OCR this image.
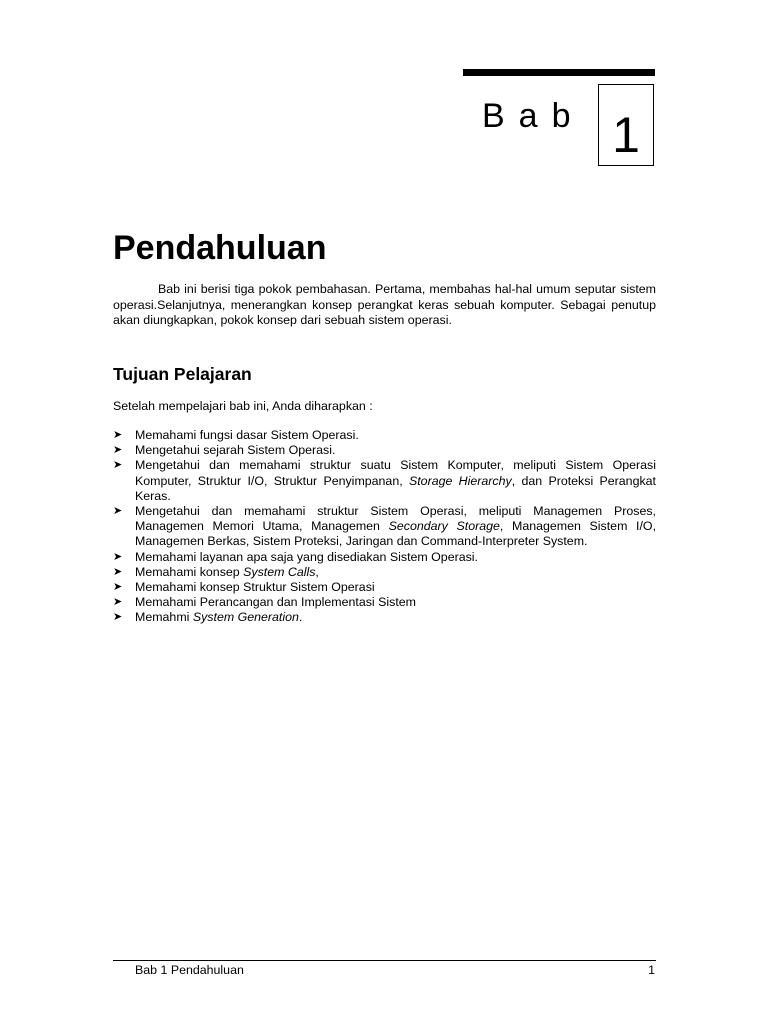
Bab 1
Pendahuluan

Bab ini berisi tiga pokok pembahasan. Pertama, membahas hal-hal umum seputar sistem operasi.Selanjutnya, menerangkan konsep perangkat keras sebuah komputer. Sebagai penutup akan diungkapkan, pokok konsep dari sebuah sistem operasi.

Tujuan Pelajaran

Setelah mempelajari bab ini, Anda diharapkan :

➤ Memahami fungsi dasar Sistem Operasi.
➤ Mengetahui sejarah Sistem Operasi.
➤ Mengetahui dan memahami struktur suatu Sistem Komputer, meliputi Sistem Operasi Komputer, Struktur I/O, Struktur Penyimpanan, Storage Hierarchy, dan Proteksi Perangkat Keras.
➤ Mengetahui dan memahami struktur Sistem Operasi, meliputi Managemen Proses, Managemen Memori Utama, Managemen Secondary Storage, Managemen Sistem I/O, Managemen Berkas, Sistem Proteksi, Jaringan dan Command-Interpreter System.
➤ Memahami layanan apa saja yang disediakan Sistem Operasi.
➤ Memahami konsep System Calls,
➤ Memahami konsep Struktur Sistem Operasi
➤ Memahami Perancangan dan Implementasi Sistem
➤ Memahmi System Generation.
Bab 1 Pendahuluan	1
